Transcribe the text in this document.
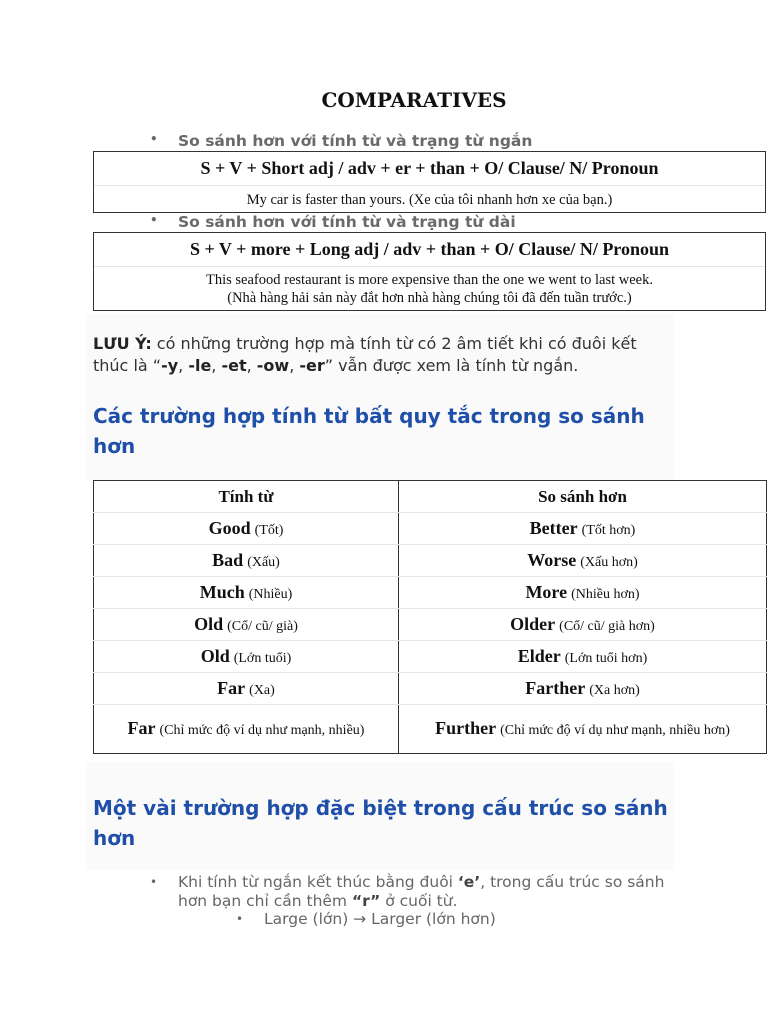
COMPARATIVES
• So sánh hơn với tính từ và trạng từ ngắn
S + V + Short adj / adv + er + than + O/ Clause/ N/ Pronoun
My car is faster than yours. (Xe của tôi nhanh hơn xe của bạn.)
• So sánh hơn với tính từ và trạng từ dài
S + V + more + Long adj / adv + than + O/ Clause/ N/ Pronoun
This seafood restaurant is more expensive than the one we went to last week.
(Nhà hàng hải sản này đắt hơn nhà hàng chúng tôi đã đến tuần trước.)
LƯU Ý: có những trường hợp mà tính từ có 2 âm tiết khi có đuôi kết thúc là “-y, -le, -et, -ow, -er” vẫn được xem là tính từ ngắn.
Các trường hợp tính từ bất quy tắc trong so sánh hơn
Tính từ	So sánh hơn
Good (Tốt)	Better (Tốt hơn)
Bad (Xấu)	Worse (Xấu hơn)
Much (Nhiều)	More (Nhiều hơn)
Old (Cổ/ cũ/ già)	Older (Cổ/ cũ/ già hơn)
Old (Lớn tuổi)	Elder (Lớn tuổi hơn)
Far (Xa)	Farther (Xa hơn)
Far (Chỉ mức độ ví dụ như mạnh, nhiều)	Further (Chỉ mức độ ví dụ như mạnh, nhiều hơn)
Một vài trường hợp đặc biệt trong cấu trúc so sánh hơn
• Khi tính từ ngắn kết thúc bằng đuôi ‘e’, trong cấu trúc so sánh hơn bạn chỉ cần thêm “r” ở cuối từ.
• Large (lớn) → Larger (lớn hơn)
